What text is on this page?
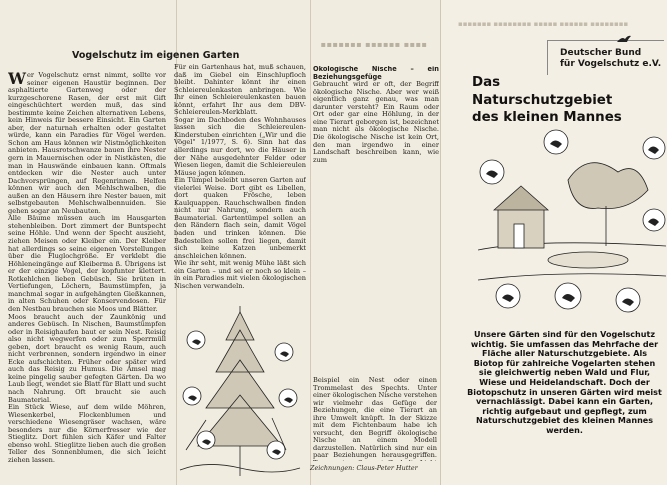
▪▪▪▪ ▪▪▪▪▪▪ ▪▪▪▪▪▪▪
Vogelschutz im eigenen Garten

Wer Vogelschutz ernst nimmt, sollte vor seiner eigenen Haustür beginnen. Der asphaltierte Gartenweg oder der kurzgeschorene Rasen, der erst mit Gift eingeschüchtert werden muß, das sind bestimmte keine Zeichen alternativen Lebens, kein Hinweis für bessere Einsicht. Ein Garten aber, der naturnah erhalten oder gestaltet würde, kann ein Paradies für Vögel werden. Schon am Haus können wir Nistmöglichkeiten anbieten. Hausrotschwanze bauen ihre Nester gern in Mauernischen oder in Nistkästen, die man in Hauswände einbauen kann. Oftmals entdecken wir die Nester auch unter Dachvorsprüngen, auf Regenrinnen. Helfen können wir auch den Mehlschwalben, die außen an den Häusern ihre Nester bauen, mit selbstgebauten Mehlschwalbennuiden. Sie gehen sogar an Neubauten.

Alle Bäume müssen auch im Hausgarten stehenbleiben. Dort zimmert der Buntspecht seine Höhle. Und wenn der Specht auszieht, ziehen Meisen oder Kleiber ein. Der Kleiber hat allerdings so seine eigenen Vorstellungen über die Fluglochgröße. Er verklebt die Höhleneingänge auf Kleiberma ß. Übrigens ist er der einzige Vogel, der kopfunter klettert. Rotkehlchen lieben Gebüsch. Sie brüten in Vertiefungen, Löchern, Baumstümpfen, ja manchmal sogar in aufgehängten Gießkannen, in alten Schuhen oder Konservendosen. Für den Nestbau brauchen sie Moos und Blätter.

Moos braucht auch der Zaunkönig und anderes Gebüsch. In Nischen, Baumstümpfen oder in Reisighaufen baut er sein Nest. Reisig also nicht wegwerfen oder zum Sperrmüll geben, dort braucht es wenig Raum, auch nicht verbrennen, sondern irgendwo in einer Ecke aufschichten. Früher oder später wird auch das Reisig zu Humus. Die Amsel mag keine pingelig sauber gefegten Gärten. Da wo Laub liegt, wendet sie Blatt für Blatt und sucht nach Nahrung. Oft braucht sie auch Baumaterial.

Ein Stück Wiese, auf dem wilde Möhren, Wiesenkerbel, Flockenblumen und verschiedene Wiesengräser wachsen, wäre besonders nur die Körnerfresser wie der Stieglitz. Dort fühlen sich Käfer und Falter ebenso wohl. Stieglitze lieben auch die großen Teller des Sonnenblumen, die sich leicht ziehen lassen.

Für ein Gartenhaus hat, muß schauen, daß im Giebel ein Einschlupfloch bleibt. Dahinter könnt ihr einen Schleiereulenkasten anbringen. Wie Ihr einen Schleiereulenkasten bauen könnt, erfahrt Ihr aus dem DBV-Schleiereulen-Merkblatt.

Sogar im Dachboden des Wohnhauses lassen sich die Schleiereulen-Kinderstuben einrichten („Wir und die Vögel" 1/1977, S. 6). Sinn hat das allerdings nur dort, wo die Häuser in der Nähe ausgedehnter Felder oder Wiesen liegen, damit die Schleiereulen Mäuse jagen können.

Ein Tümpel beleibt unseren Garten auf vielerlei Weise. Dort gibt es Libellen, dort quaken Frösche, leben Kaulquappen. Rauchschwalben finden nicht nur Nahrung, sondern auch Baumaterial. Gartentümpel sollen an den Rändern flach sein, damit Vögel baden und trinken können. Die Badestellen sollen frei liegen, damit sich keine Katzen unbemerkt anschleichen können.

Wie ihr seht, mit wenig Mühe läßt sich ein Garten – und sei er noch so klein – in ein Paradies mit vielen ökologischen Nischen verwandeln.

Ökologische Nische – ein Beziehungsgefüge

Gebraucht wird er oft, der Begriff ökologische Nische. Aber wer weiß eigentlich ganz genau, was man darunter versteht? Ein Raum oder Ort oder gar eine Höhlung, in der eine Tierart geborgen ist, bezeichnet man nicht als ökologische Nische. Die ökologische Nische ist kein Ort, den man irgendwo in einer Landschaft beschreiben kann, wie zum

Beispiel ein Nest oder einen Trommelast des Spechts. Unter einer ökologischen Nische verstehen wir vielmehr das Gefüge der Beziehungen, die eine Tierart an ihre Umwelt knüpft. In der Skizze mit dem Fichtenbaum habe ich versucht, den Begriff ökologische Nische an einem Modell darzustellen. Natürlich sind nur ein paar Beziehungen herausgegriffen.

Zeichnungen: Claus-Peter Hutter
▪▪▪▪▪▪▪ ▪▪▪▪▪▪▪▪ ▪▪▪▪▪ ▪▪▪▪▪▪ ▪▪▪▪▪▪▪▪
Deutscher Bund
für Vogelschutz e.V.
Das
Naturschutzgebiet
des kleinen Mannes
Unsere Gärten sind für den Vogelschutz wichtig. Sie umfassen das Mehrfache der Fläche aller Naturschutzgebiete. Als Biotop für zahlreiche Vogelarten stehen sie gleichwertig neben Wald und Flur, Wiese und Heidelandschaft. Doch der Biotopschutz in unseren Gärten wird meist vernachlässigt. Dabei kann ein Garten, richtig aufgebaut und gepflegt, zum Naturschutzgebiet des kleinen Mannes werden.
